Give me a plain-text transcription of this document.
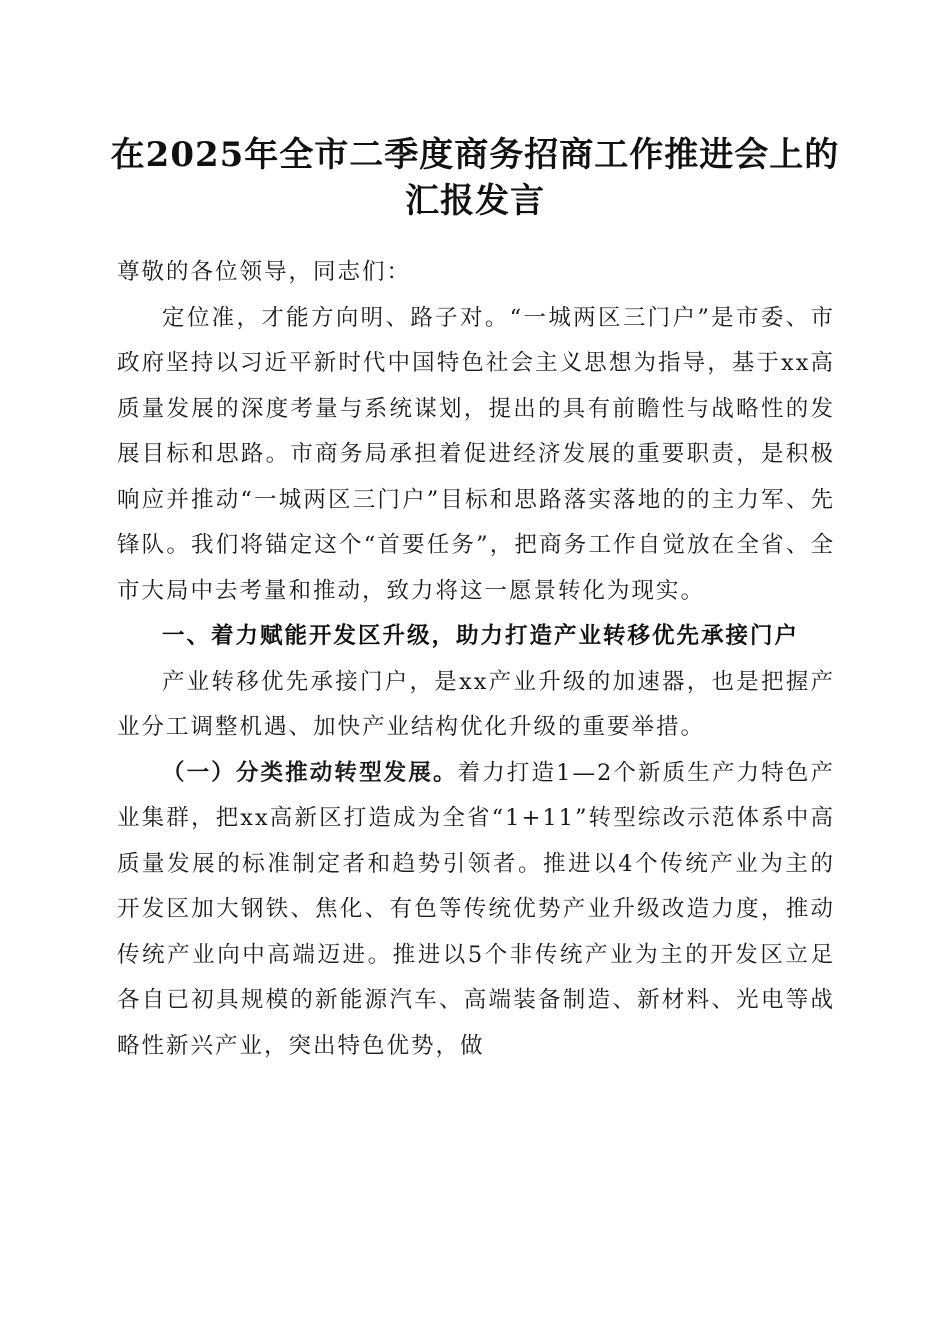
在2025年全市二季度商务招商工作推进会上的汇报发言

尊敬的各位领导，同志们：

定位准，才能方向明、路子对。“一城两区三门户”是市委、市政府坚持以习近平新时代中国特色社会主义思想为指导，基于xx高质量发展的深度考量与系统谋划，提出的具有前瞻性与战略性的发展目标和思路。市商务局承担着促进经济发展的重要职责，是积极响应并推动“一城两区三门户”目标和思路落实落地的的主力军、先锋队。我们将锚定这个“首要任务”，把商务工作自觉放在全省、全市大局中去考量和推动，致力将这一愿景转化为现实。

一、着力赋能开发区升级，助力打造产业转移优先承接门户

产业转移优先承接门户，是xx产业升级的加速器，也是把握产业分工调整机遇、加快产业结构优化升级的重要举措。

（一）分类推动转型发展。着力打造1—2个新质生产力特色产业集群，把xx高新区打造成为全省“1+11”转型综改示范体系中高质量发展的标准制定者和趋势引领者。推进以4个传统产业为主的开发区加大钢铁、焦化、有色等传统优势产业升级改造力度，推动传统产业向中高端迈进。推进以5个非传统产业为主的开发区立足各自已初具规模的新能源汽车、高端装备制造、新材料、光电等战略性新兴产业，突出特色优势，做
